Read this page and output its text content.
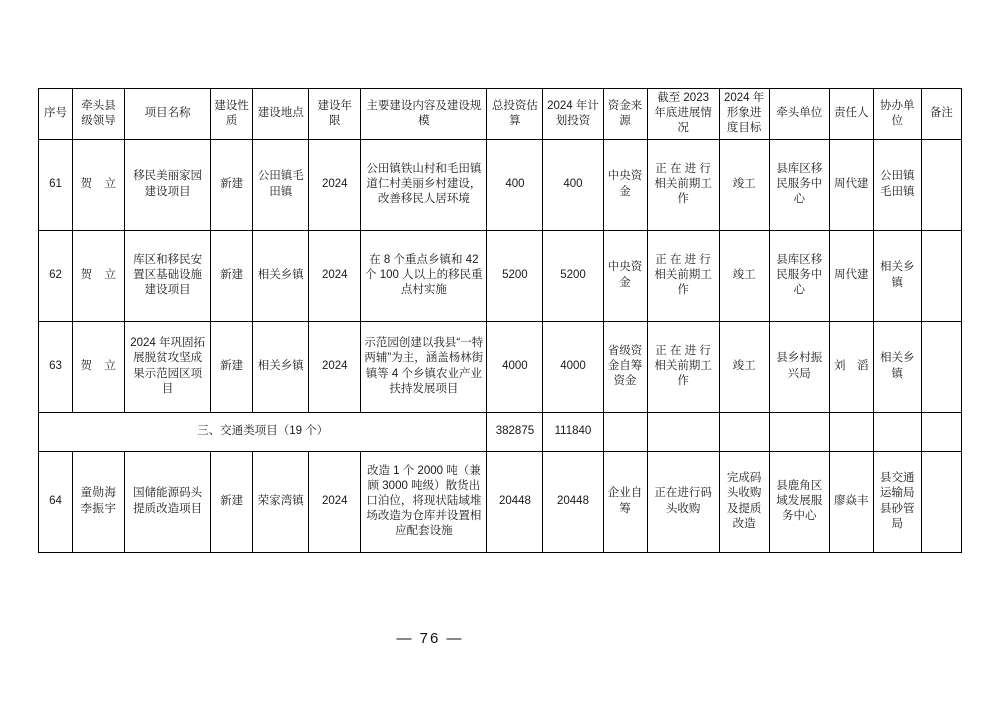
序号	牵头县级领导	项目名称	建设性质	建设地点	建设年限	主要建设内容及建设规模	总投资估算	2024 年计划投资	资金来源	截至 2023 年底进展情况	2024 年形象进度目标	牵头单位	责任人	协办单位	备注
61	贺　立	移民美丽家园建设项目	新建	公田镇毛田镇	2024	公田镇铁山村和毛田镇道仁村美丽乡村建设，改善移民人居环境	400	400	中央资金	正 在 进 行 相关前期工作	竣工	县库区移民服务中心	周代建	公田镇毛田镇	
62	贺　立	库区和移民安置区基础设施建设项目	新建	相关乡镇	2024	在 8 个重点乡镇和 42 个 100 人以上的移民重点村实施	5200	5200	中央资金	正 在 进 行 相关前期工作	竣工	县库区移民服务中心	周代建	相关乡镇	
63	贺　立	2024 年巩固拓展脱贫攻坚成果示范园区项目	新建	相关乡镇	2024	示范园创建以我县“一特两辅”为主，涵盖杨林街镇等 4 个乡镇农业产业扶持发展项目	4000	4000	省级资金自筹资金	正 在 进 行 相关前期工作	竣工	县乡村振兴局	刘　滔	相关乡镇	
三、交通类项目（19 个）							382875	111840							
64	童勋海李振宇	国储能源码头提质改造项目	新建	荣家湾镇	2024	改造 1 个 2000 吨（兼顾 3000 吨级）散货出口泊位，将现状陆域堆场改造为仓库并设置相应配套设施	20448	20448	企业自筹	正在进行码头收购	完成码头收购及提质改造	县鹿角区域发展服务中心	廖焱丰	县交通运输局县砂管局	
— 76 —
